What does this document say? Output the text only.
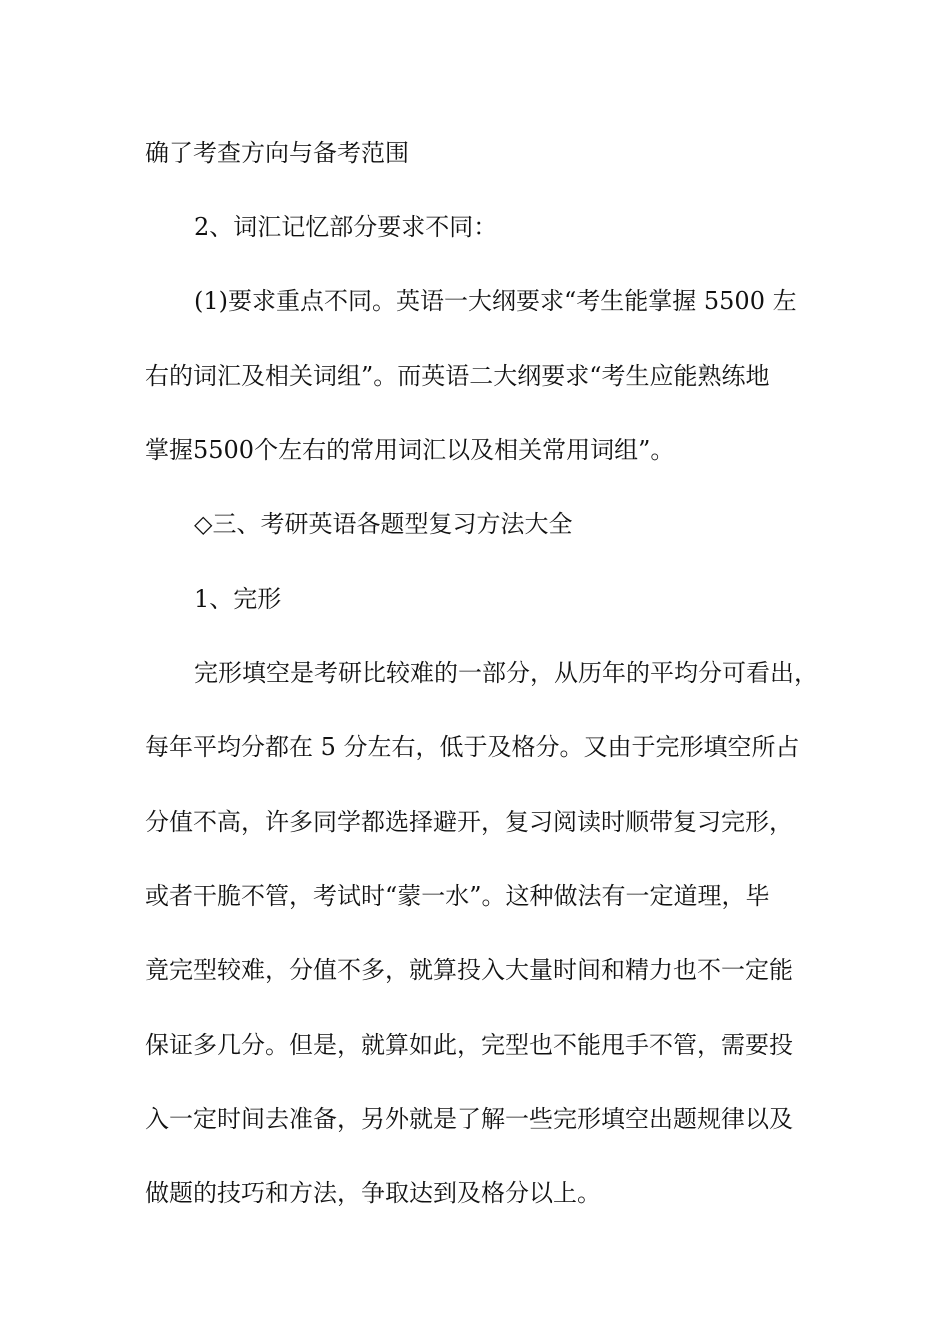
确了考查方向与备考范围
2、词汇记忆部分要求不同：
(1)要求重点不同。英语一大纲要求“考生能掌握 5500 左
右的词汇及相关词组”。而英语二大纲要求“考生应能熟练地
掌握5500个左右的常用词汇以及相关常用词组”。
◇三、考研英语各题型复习方法大全
1、完形
完形填空是考研比较难的一部分，从历年的平均分可看出，
每年平均分都在 5 分左右，低于及格分。又由于完形填空所占
分值不高，许多同学都选择避开，复习阅读时顺带复习完形，
或者干脆不管，考试时“蒙一水”。这种做法有一定道理，毕
竟完型较难，分值不多，就算投入大量时间和精力也不一定能
保证多几分。但是，就算如此，完型也不能甩手不管，需要投
入一定时间去准备，另外就是了解一些完形填空出题规律以及
做题的技巧和方法，争取达到及格分以上。
